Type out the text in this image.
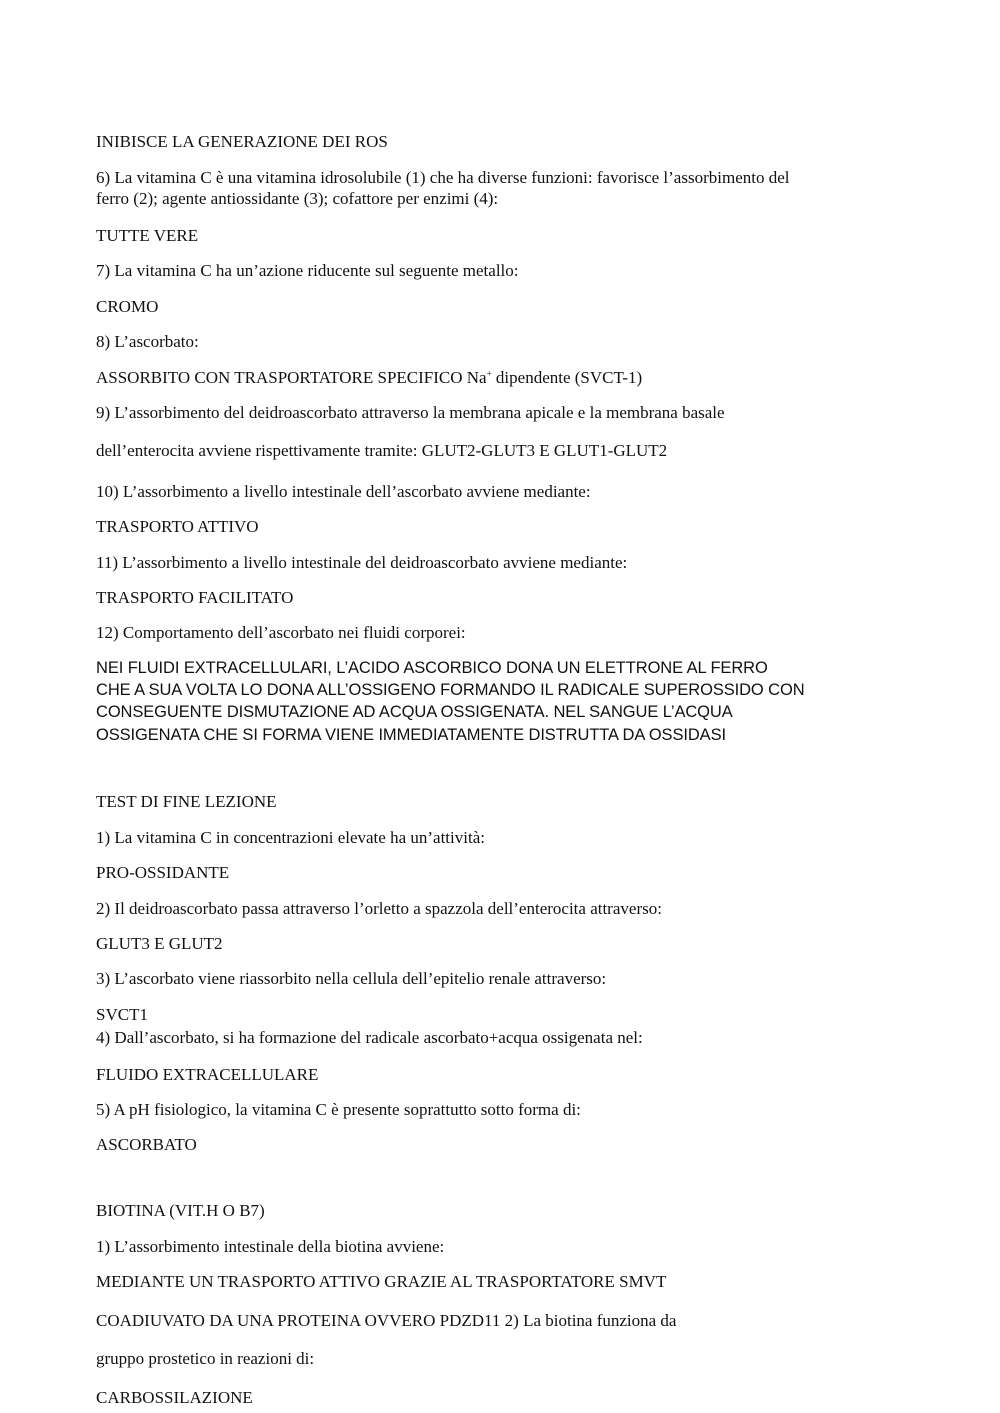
INIBISCE LA GENERAZIONE DEI ROS

6) La vitamina C è una vitamina idrosolubile (1) che ha diverse funzioni: favorisce l’assorbimento del

ferro (2); agente antiossidante (3); cofattore per enzimi (4):

TUTTE VERE

7) La vitamina C ha un’azione riducente sul seguente metallo:

CROMO

8) L’ascorbato:

ASSORBITO CON TRASPORTATORE SPECIFICO Na+ dipendente (SVCT-1)

9) L’assorbimento del deidroascorbato attraverso la membrana apicale e la membrana basale

dell’enterocita avviene rispettivamente tramite: GLUT2-GLUT3 E GLUT1-GLUT2

10) L’assorbimento a livello intestinale dell’ascorbato avviene mediante:

TRASPORTO ATTIVO

11) L’assorbimento a livello intestinale del deidroascorbato avviene mediante:

TRASPORTO FACILITATO

12) Comportamento dell’ascorbato nei fluidi corporei:

NEI FLUIDI EXTRACELLULARI, L’ACIDO ASCORBICO DONA UN ELETTRONE AL FERRO

CHE A SUA VOLTA LO DONA ALL’OSSIGENO FORMANDO IL RADICALE SUPEROSSIDO CON

CONSEGUENTE DISMUTAZIONE AD ACQUA OSSIGENATA. NEL SANGUE L’ACQUA

OSSIGENATA CHE SI FORMA VIENE IMMEDIATAMENTE DISTRUTTA DA OSSIDASI

TEST DI FINE LEZIONE

1) La vitamina C in concentrazioni elevate ha un’attività:

PRO-OSSIDANTE

2) Il deidroascorbato passa attraverso l’orletto a spazzola dell’enterocita attraverso:

GLUT3 E GLUT2

3) L’ascorbato viene riassorbito nella cellula dell’epitelio renale attraverso:

SVCT1

4) Dall’ascorbato, si ha formazione del radicale ascorbato+acqua ossigenata nel:

FLUIDO EXTRACELLULARE

5) A pH fisiologico, la vitamina C è presente soprattutto sotto forma di:

ASCORBATO

BIOTINA (VIT.H O B7)

1) L’assorbimento intestinale della biotina avviene:

MEDIANTE UN TRASPORTO ATTIVO GRAZIE AL TRASPORTATORE SMVT

COADIUVATO DA UNA PROTEINA OVVERO PDZD11 2) La biotina funziona da

gruppo prostetico in reazioni di:

CARBOSSILAZIONE
